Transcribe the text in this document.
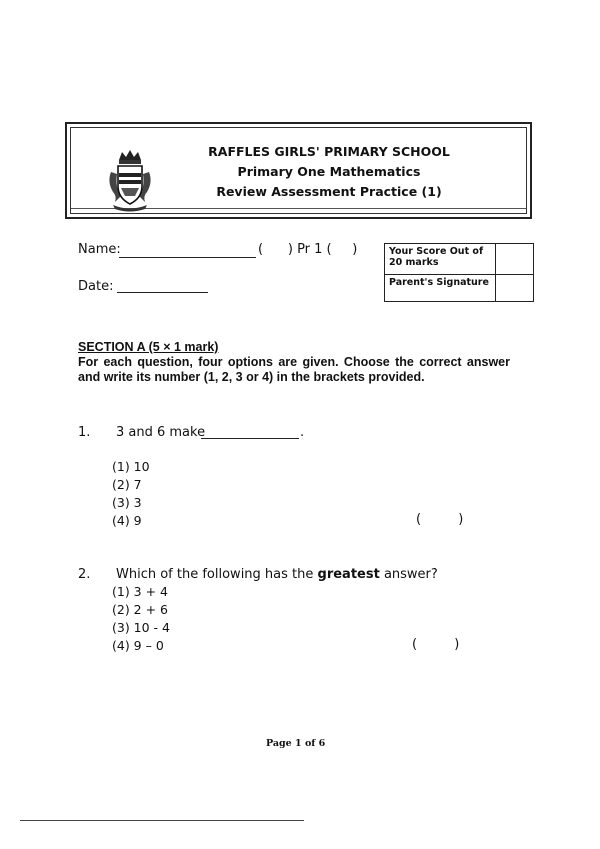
RAFFLES GIRLS' PRIMARY SCHOOL
Primary One Mathematics
Review Assessment Practice (1)
Name:	(      ) Pr 1 (     )
Date:
Your Score Out of 20 marks	
Parent's Signature	
SECTION A (5 × 1 mark)
For each question, four options are given. Choose the correct answer and write its number (1, 2, 3 or 4) in the brackets provided.
1. 3 and 6 make	.
(1) 10
(2) 7
(3) 3
(4) 9	(         )
2. Which of the following has the greatest answer?
(1) 3 + 4
(2) 2 + 6
(3) 10 - 4
(4) 9 – 0	(         )
Page 1 of 6
